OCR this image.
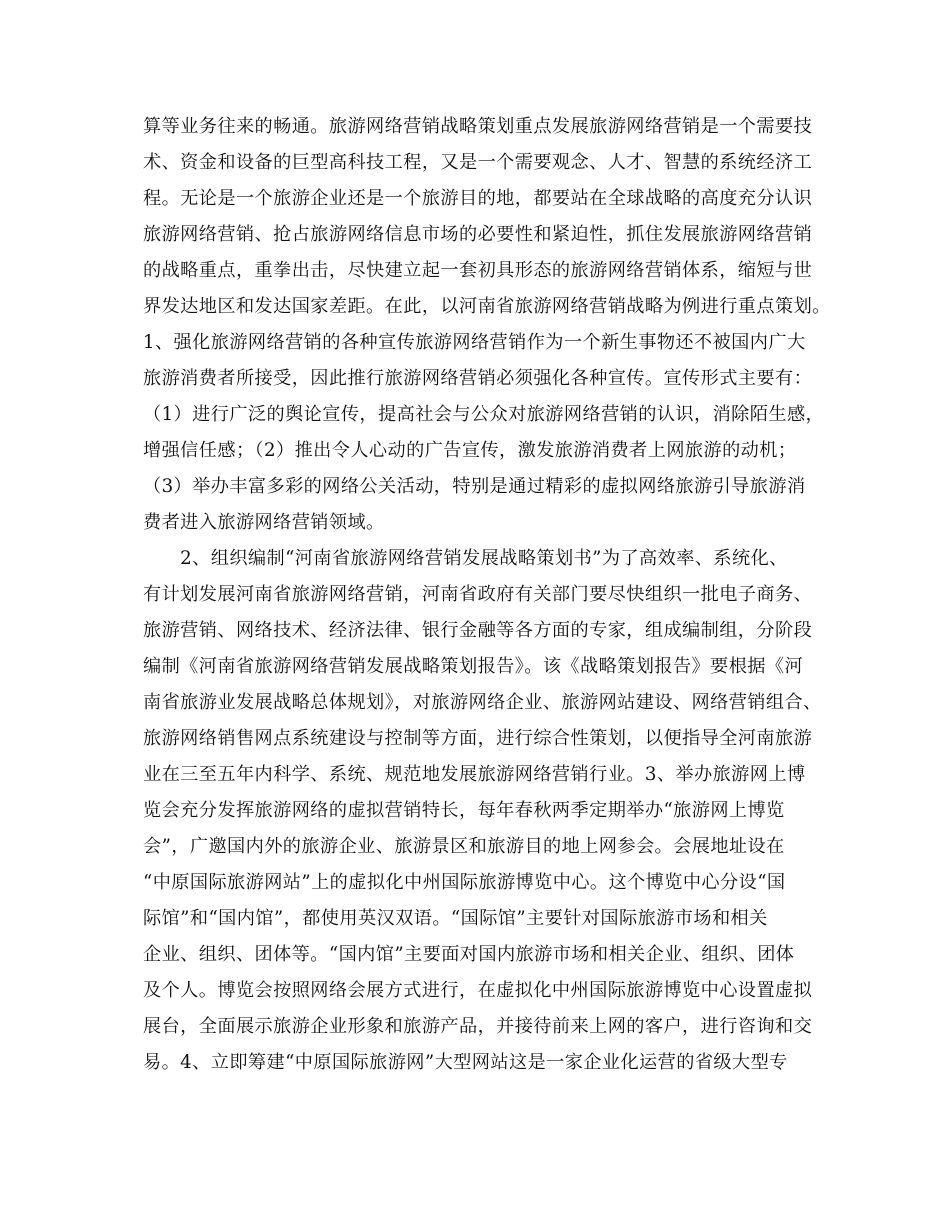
算等业务往来的畅通。旅游网络营销战略策划重点发展旅游网络营销是一个需要技
术、资金和设备的巨型高科技工程，又是一个需要观念、人才、智慧的系统经济工
程。无论是一个旅游企业还是一个旅游目的地，都要站在全球战略的高度充分认识
旅游网络营销、抢占旅游网络信息市场的必要性和紧迫性，抓住发展旅游网络营销
的战略重点，重拳出击，尽快建立起一套初具形态的旅游网络营销体系，缩短与世
界发达地区和发达国家差距。在此，以河南省旅游网络营销战略为例进行重点策划。
1、强化旅游网络营销的各种宣传旅游网络营销作为一个新生事物还不被国内广大
旅游消费者所接受，因此推行旅游网络营销必须强化各种宣传。宣传形式主要有：
（1）进行广泛的舆论宣传，提高社会与公众对旅游网络营销的认识，消除陌生感，
增强信任感；（2）推出令人心动的广告宣传，激发旅游消费者上网旅游的动机；
（3）举办丰富多彩的网络公关活动，特别是通过精彩的虚拟网络旅游引导旅游消
费者进入旅游网络营销领域。
　　2、组织编制“河南省旅游网络营销发展战略策划书”为了高效率、系统化、
有计划发展河南省旅游网络营销，河南省政府有关部门要尽快组织一批电子商务、
旅游营销、网络技术、经济法律、银行金融等各方面的专家，组成编制组，分阶段
编制《河南省旅游网络营销发展战略策划报告》。该《战略策划报告》要根据《河
南省旅游业发展战略总体规划》，对旅游网络企业、旅游网站建设、网络营销组合、
旅游网络销售网点系统建设与控制等方面，进行综合性策划，以便指导全河南旅游
业在三至五年内科学、系统、规范地发展旅游网络营销行业。3、举办旅游网上博
览会充分发挥旅游网络的虚拟营销特长，每年春秋两季定期举办“旅游网上博览
会”，广邀国内外的旅游企业、旅游景区和旅游目的地上网参会。会展地址设在
“中原国际旅游网站”上的虚拟化中州国际旅游博览中心。这个博览中心分设“国
际馆”和“国内馆”，都使用英汉双语。“国际馆”主要针对国际旅游市场和相关
企业、组织、团体等。“国内馆”主要面对国内旅游市场和相关企业、组织、团体
及个人。博览会按照网络会展方式进行，在虚拟化中州国际旅游博览中心设置虚拟
展台，全面展示旅游企业形象和旅游产品，并接待前来上网的客户，进行咨询和交
易。4、立即筹建“中原国际旅游网”大型网站这是一家企业化运营的省级大型专
